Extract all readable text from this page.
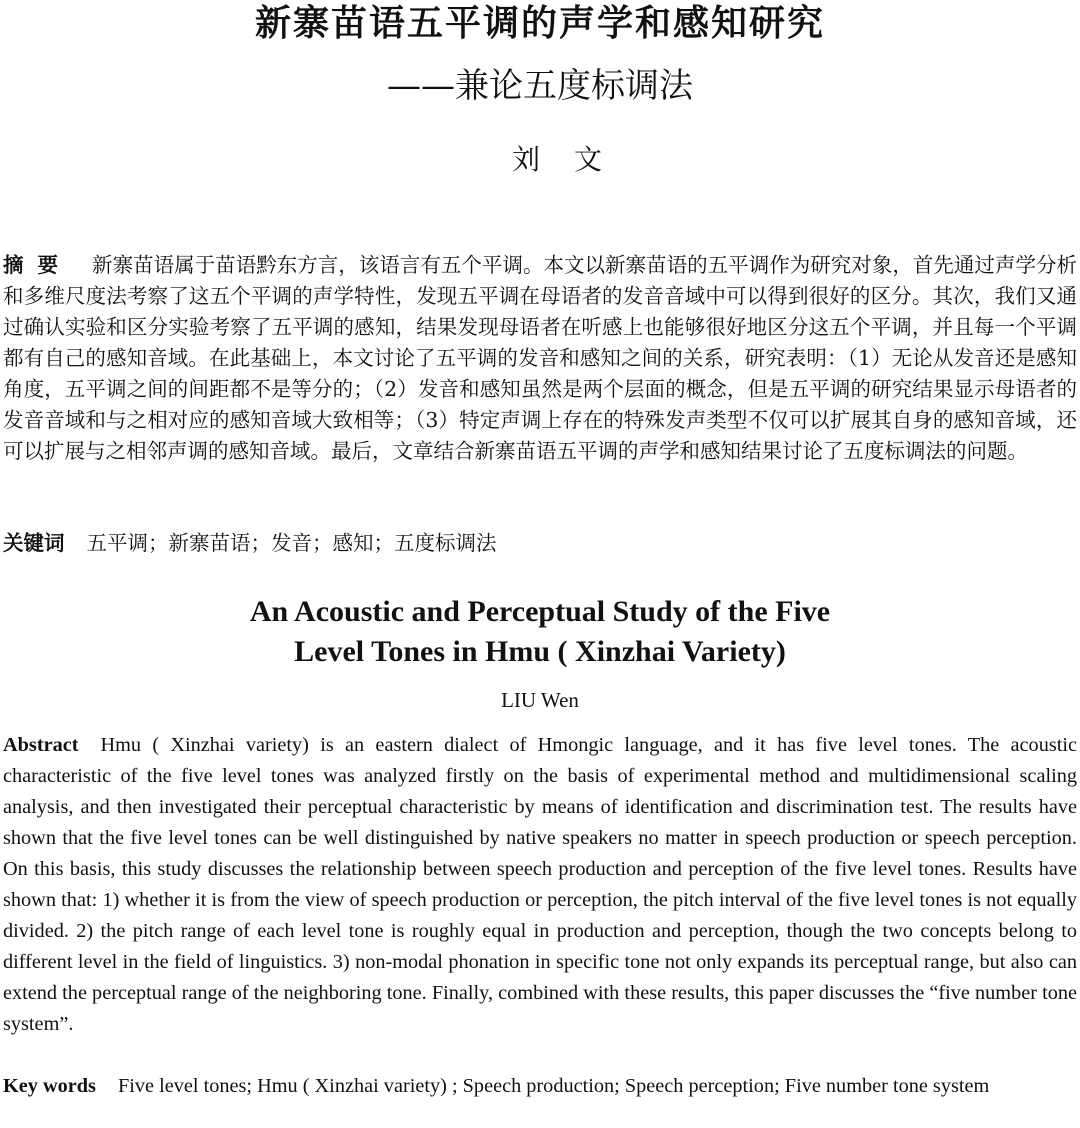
新寨苗语五平调的声学和感知研究
——兼论五度标调法
刘文
摘要 新寨苗语属于苗语黔东方言，该语言有五个平调。本文以新寨苗语的五平调作为研究对象，首先通过声学分析和多维尺度法考察了这五个平调的声学特性，发现五平调在母语者的发音音域中可以得到很好的区分。其次，我们又通过确认实验和区分实验考察了五平调的感知，结果发现母语者在听感上也能够很好地区分这五个平调，并且每一个平调都有自己的感知音域。在此基础上，本文讨论了五平调的发音和感知之间的关系，研究表明：（1）无论从发音还是感知角度，五平调之间的间距都不是等分的；（2）发音和感知虽然是两个层面的概念，但是五平调的研究结果显示母语者的发音音域和与之相对应的感知音域大致相等；（3）特定声调上存在的特殊发声类型不仅可以扩展其自身的感知音域，还可以扩展与之相邻声调的感知音域。最后，文章结合新寨苗语五平调的声学和感知结果讨论了五度标调法的问题。
关键词 五平调；新寨苗语；发音；感知；五度标调法
An Acoustic and Perceptual Study of the Five
Level Tones in Hmu ( Xinzhai Variety)
LIU Wen
Abstract Hmu ( Xinzhai variety) is an eastern dialect of Hmongic language, and it has five level tones. The acoustic characteristic of the five level tones was analyzed firstly on the basis of experimental method and multidimensional scaling analysis, and then investigated their perceptual characteristic by means of identification and discrimination test. The results have shown that the five level tones can be well distinguished by native speakers no matter in speech production or speech perception. On this basis, this study discusses the relationship between speech production and perception of the five level tones. Results have shown that: 1) whether it is from the view of speech production or perception, the pitch interval of the five level tones is not equally divided. 2) the pitch range of each level tone is roughly equal in production and perception, though the two concepts belong to different level in the field of linguistics. 3) non-modal phonation in specific tone not only expands its perceptual range, but also can extend the perceptual range of the neighboring tone. Finally, combined with these results, this paper discusses the “five number tone system”.
Key words Five level tones; Hmu ( Xinzhai variety) ; Speech production; Speech perception; Five number tone system
